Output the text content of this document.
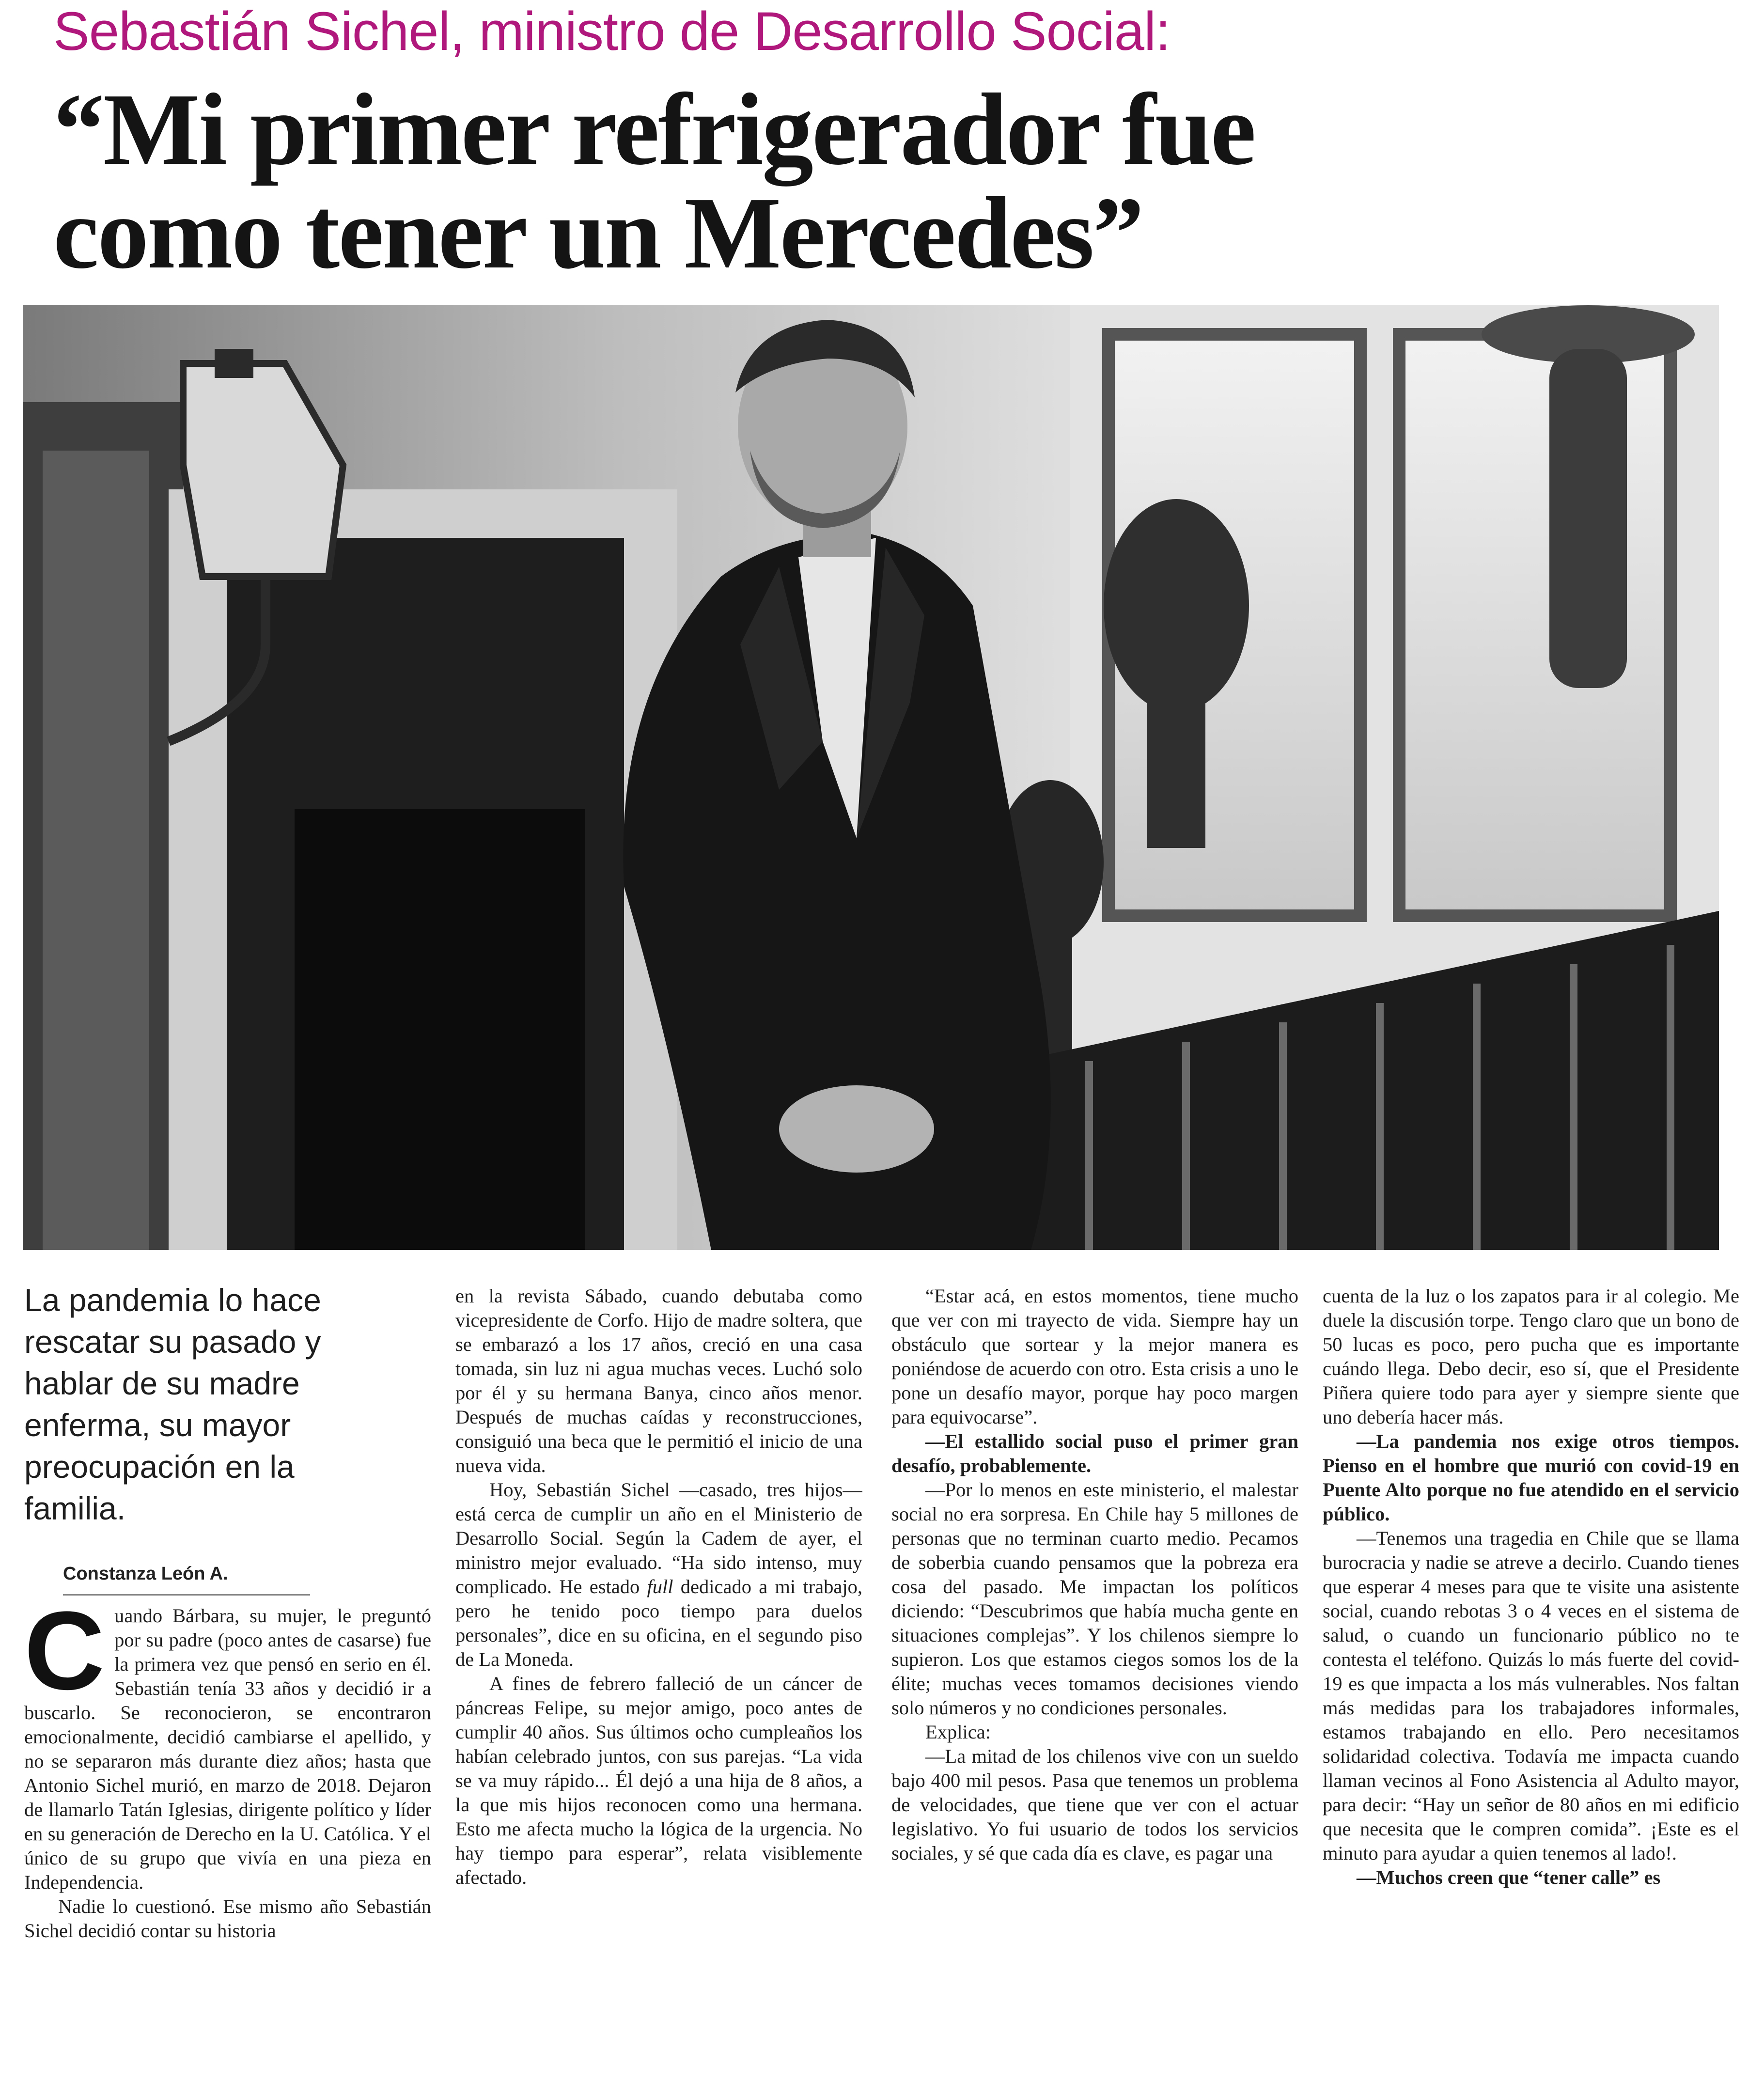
Sebastián Sichel, ministro de Desarrollo Social:
“Mi primer refrigerador fue
como tener un Mercedes”
La pandemia lo hace rescatar su pasado y hablar de su madre enferma, su mayor preocupación en la familia.
Constanza León A.

Cuando Bárbara, su mujer, le preguntó por su padre (poco antes de casarse) fue la primera vez que pensó en serio en él. Sebastián tenía 33 años y decidió ir a buscarlo. Se reconocieron, se encontraron emocionalmente, decidió cambiarse el apellido, y no se separaron más durante diez años; hasta que Antonio Sichel murió, en marzo de 2018. Dejaron de llamarlo Tatán Iglesias, dirigente político y líder en su generación de Derecho en la U. Católica. Y el único de su grupo que vivía en una pieza en Independencia.

Nadie lo cuestionó. Ese mismo año Sebastián Sichel decidió contar su historia

en la revista Sábado, cuando debutaba como vicepresidente de Corfo. Hijo de madre soltera, que se embarazó a los 17 años, creció en una casa tomada, sin luz ni agua muchas veces. Luchó solo por él y su hermana Banya, cinco años menor. Después de muchas caídas y reconstrucciones, consiguió una beca que le permitió el inicio de una nueva vida.

Hoy, Sebastián Sichel —casado, tres hijos— está cerca de cumplir un año en el Ministerio de Desarrollo Social. Según la Cadem de ayer, el ministro mejor evaluado. “Ha sido intenso, muy complicado. He estado full dedicado a mi trabajo, pero he tenido poco tiempo para duelos personales”, dice en su oficina, en el segundo piso de La Moneda.

A fines de febrero falleció de un cáncer de páncreas Felipe, su mejor amigo, poco antes de cumplir 40 años. Sus últimos ocho cumpleaños los habían celebrado juntos, con sus parejas. “La vida se va muy rápido... Él dejó a una hija de 8 años, a la que mis hijos reconocen como una hermana. Esto me afecta mucho la lógica de la urgencia. No hay tiempo para esperar”, relata visiblemente afectado.

“Estar acá, en estos momentos, tiene mucho que ver con mi trayecto de vida. Siempre hay un obstáculo que sortear y la mejor manera es poniéndose de acuerdo con otro. Esta crisis a uno le pone un desafío mayor, porque hay poco margen para equivocarse”.

—El estallido social puso el primer gran desafío, probablemente.

—Por lo menos en este ministerio, el malestar social no era sorpresa. En Chile hay 5 millones de personas que no terminan cuarto medio. Pecamos de soberbia cuando pensamos que la pobreza era cosa del pasado. Me impactan los políticos diciendo: “Descubrimos que había mucha gente en situaciones complejas”. Y los chilenos siempre lo supieron. Los que estamos ciegos somos los de la élite; muchas veces tomamos decisiones viendo solo números y no condiciones personales.

Explica:

—La mitad de los chilenos vive con un sueldo bajo 400 mil pesos. Pasa que tenemos un problema de velocidades, que tiene que ver con el actuar legislativo. Yo fui usuario de todos los servicios sociales, y sé que cada día es clave, es pagar una

cuenta de la luz o los zapatos para ir al colegio. Me duele la discusión torpe. Tengo claro que un bono de 50 lucas es poco, pero pucha que es importante cuándo llega. Debo decir, eso sí, que el Presidente Piñera quiere todo para ayer y siempre siente que uno debería hacer más.

—La pandemia nos exige otros tiempos. Pienso en el hombre que murió con covid-19 en Puente Alto porque no fue atendido en el servicio público.

—Tenemos una tragedia en Chile que se llama burocracia y nadie se atreve a decirlo. Cuando tienes que esperar 4 meses para que te visite una asistente social, cuando rebotas 3 o 4 veces en el sistema de salud, o cuando un funcionario público no te contesta el teléfono. Quizás lo más fuerte del covid-19 es que impacta a los más vulnerables. Nos faltan más medidas para los trabajadores informales, estamos trabajando en ello. Pero necesitamos solidaridad colectiva. Todavía me impacta cuando llaman vecinos al Fono Asistencia al Adulto mayor, para decir: “Hay un señor de 80 años en mi edificio que necesita que le compren comida”. ¡Este es el minuto para ayudar a quien tenemos al lado!.

—Muchos creen que “tener calle” es
